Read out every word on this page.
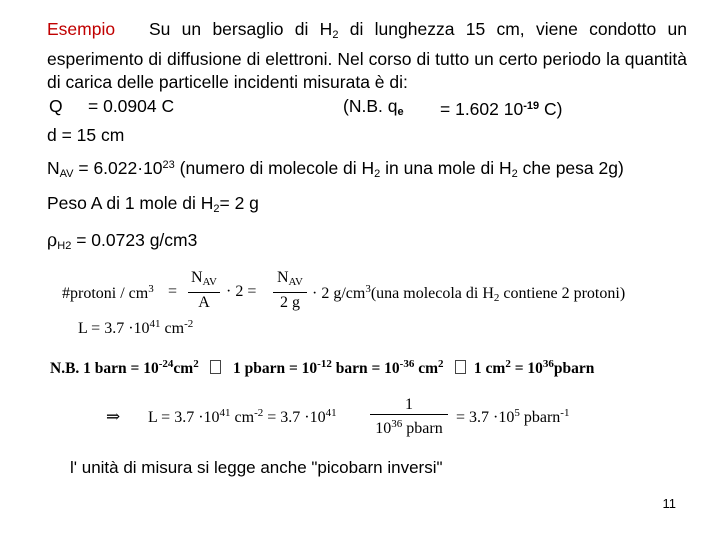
Esempio Su un bersaglio di $H_2$ di lunghezza 15 cm, viene condotto un esperimento di diffusione di elettroni. Nel corso di tutto un certo periodo la quantità di carica delle particelle incidenti misurata è di:
Q = 0.0904 C	(N.B. $q_e = 1.602$ $10^{-19}$ C)
d = 15 cm
$N_{AV} = 6.022\cdot 10^{23}$ (numero di molecole di $H_2$ in una mole di $H_2$ che pesa 2g)
Peso A di 1 mole di $H_2= 2$ g
$\rho_{H2} = 0.0723$ g/cm3
#protoni / $cm^3$ =
$N_{AV}$
A
· 2 =
$N_{AV}$
2 g
· 2 $g/cm^3(una$ molecola di $H_2$ contiene 2 protoni)
$L = 3.7 \cdot 10^{41}$ $cm^{-2}$
N.B. 1 barn = $10^{-24}cm^2$ 1 pbarn = $10^{-12}$ barn = $10^{-36}$ $cm^2$ 1 $cm^2$ = $10^{36}pbarn$
⇒ $L = 3.7 \cdot 10^{41}$ $cm^{-2} = 3.7 \cdot 10^{41}$	1
$10^{36}$ pbarn
= $3.7 \cdot 10^5$ pbarn$^{-1}$
l' unità di misura si legge anche "picobarn inversi"
11
